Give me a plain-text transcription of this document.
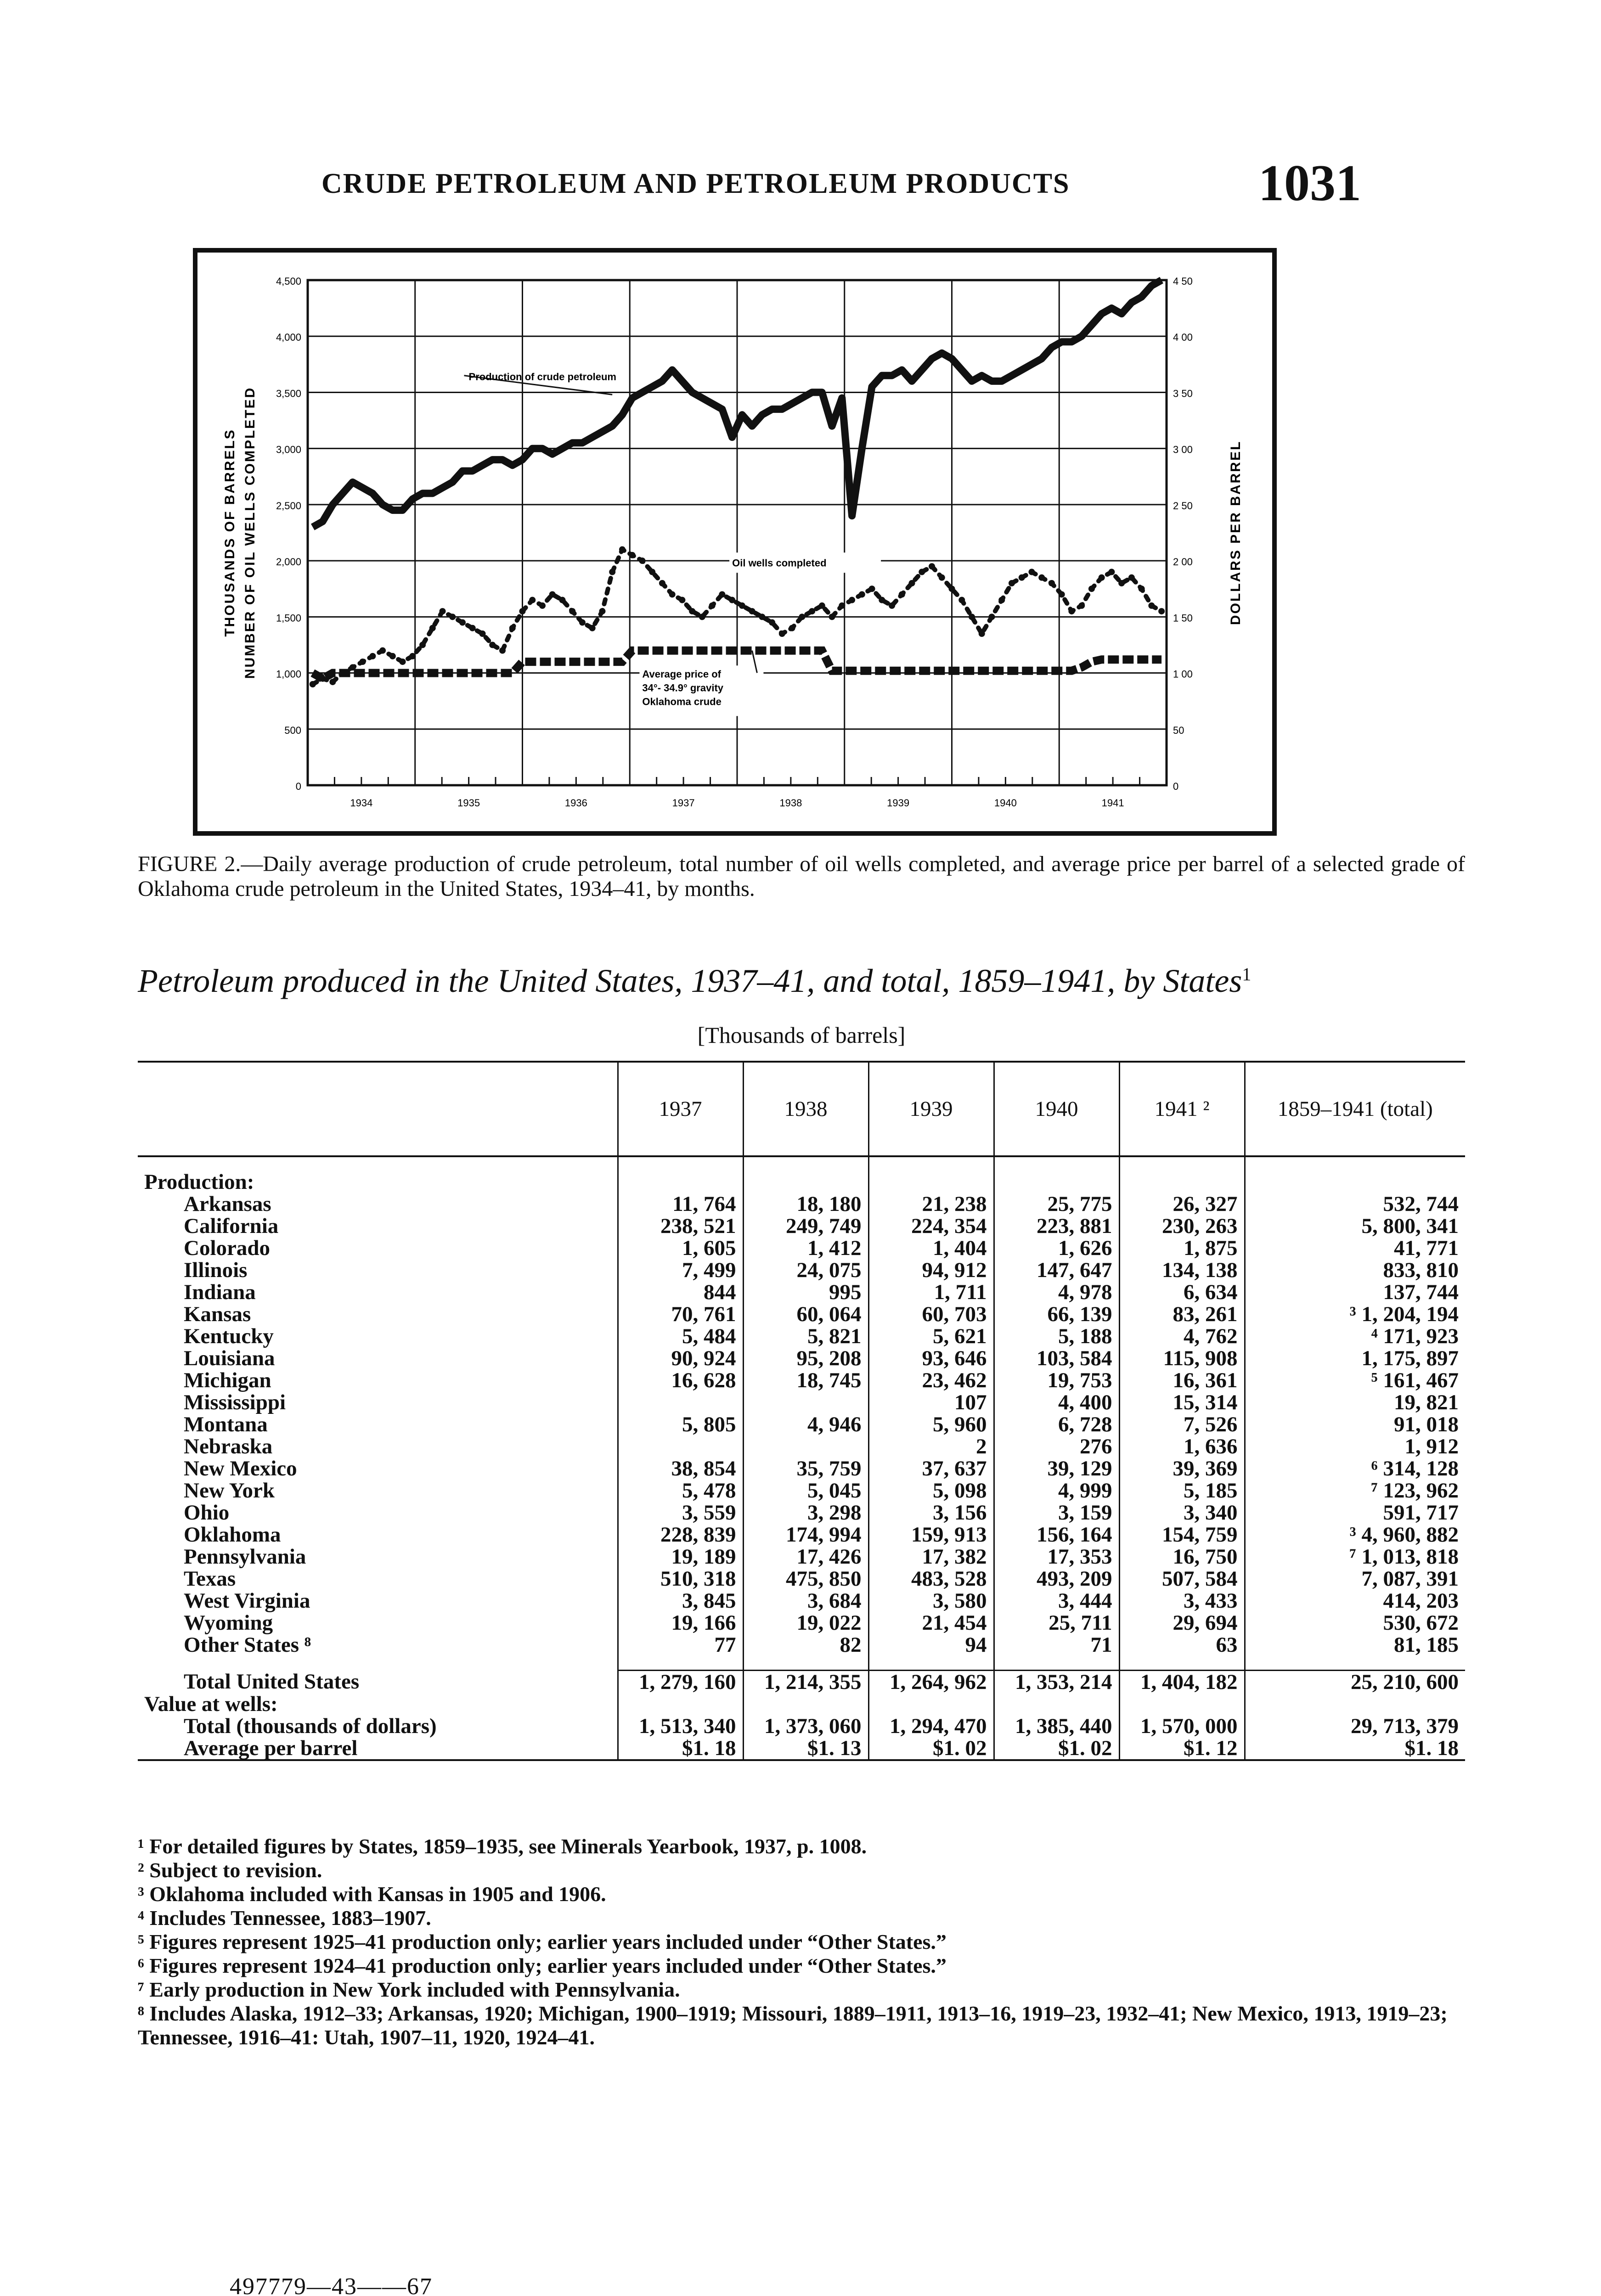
CRUDE PETROLEUM AND PETROLEUM PRODUCTS	1031
0
500
1,000
1,500
2,000
2,500
3,000
3,500
4,000
4,500
0
50
1 00
1 50
2 00
2 50
3 00
3 50
4 00
4 50
1934	1935	1936	1937	1938	1939	1940	1941
THOUSANDS OF BARRELS NUMBER OF OIL WELLS COMPLETED	DOLLARS PER BARREL
Production of crude petroleum
Oil wells completed
Average price of 34°- 34.9° gravity Oklahoma crude
FIGURE 2.—Daily average production of crude petroleum, total number of oil wells completed, and average price per barrel of a selected grade of Oklahoma crude petroleum in the United States, 1934–41, by months.
Petroleum produced in the United States, 1937–41, and total, 1859–1941, by States$^1$
[Thousands of barrels]
	1937	1938	1939	1940	1941 ²	1859–1941 (total)

Production:						
Arkansas	11, 764	18, 180	21, 238	25, 775	26, 327	532, 744
California	238, 521	249, 749	224, 354	223, 881	230, 263	5, 800, 341
Colorado	1, 605	1, 412	1, 404	1, 626	1, 875	41, 771
Illinois	7, 499	24, 075	94, 912	147, 647	134, 138	833, 810
Indiana	844	995	1, 711	4, 978	6, 634	137, 744
Kansas	70, 761	60, 064	60, 703	66, 139	83, 261	³ 1, 204, 194
Kentucky	5, 484	5, 821	5, 621	5, 188	4, 762	⁴ 171, 923
Louisiana	90, 924	95, 208	93, 646	103, 584	115, 908	1, 175, 897
Michigan	16, 628	18, 745	23, 462	19, 753	16, 361	⁵ 161, 467
Mississippi			107	4, 400	15, 314	19, 821
Montana	5, 805	4, 946	5, 960	6, 728	7, 526	91, 018
Nebraska			2	276	1, 636	1, 912
New Mexico	38, 854	35, 759	37, 637	39, 129	39, 369	⁶ 314, 128
New York	5, 478	5, 045	5, 098	4, 999	5, 185	⁷ 123, 962
Ohio	3, 559	3, 298	3, 156	3, 159	3, 340	591, 717
Oklahoma	228, 839	174, 994	159, 913	156, 164	154, 759	³ 4, 960, 882
Pennsylvania	19, 189	17, 426	17, 382	17, 353	16, 750	⁷ 1, 013, 818
Texas	510, 318	475, 850	483, 528	493, 209	507, 584	7, 087, 391
West Virginia	3, 845	3, 684	3, 580	3, 444	3, 433	414, 203
Wyoming	19, 166	19, 022	21, 454	25, 711	29, 694	530, 672
Other States ⁸	77	82	94	71	63	81, 185

Total United States	1, 279, 160	1, 214, 355	1, 264, 962	1, 353, 214	1, 404, 182	25, 210, 600
Value at wells:						
Total (thousands of dollars)	1, 513, 340	1, 373, 060	1, 294, 470	1, 385, 440	1, 570, 000	29, 713, 379
Average per barrel	$1. 18	$1. 13	$1. 02	$1. 02	$1. 12	$1. 18
¹ For detailed figures by States, 1859–1935, see Minerals Yearbook, 1937, p. 1008.
² Subject to revision.
³ Oklahoma included with Kansas in 1905 and 1906.
⁴ Includes Tennessee, 1883–1907.
⁵ Figures represent 1925–41 production only; earlier years included under “Other States.”
⁶ Figures represent 1924–41 production only; earlier years included under “Other States.”
⁷ Early production in New York included with Pennsylvania.
⁸ Includes Alaska, 1912–33; Arkansas, 1920; Michigan, 1900–1919; Missouri, 1889–1911, 1913–16, 1919–23, 1932–41; New Mexico, 1913, 1919–23; Tennessee, 1916–41: Utah, 1907–11, 1920, 1924–41.
497779—43——67
